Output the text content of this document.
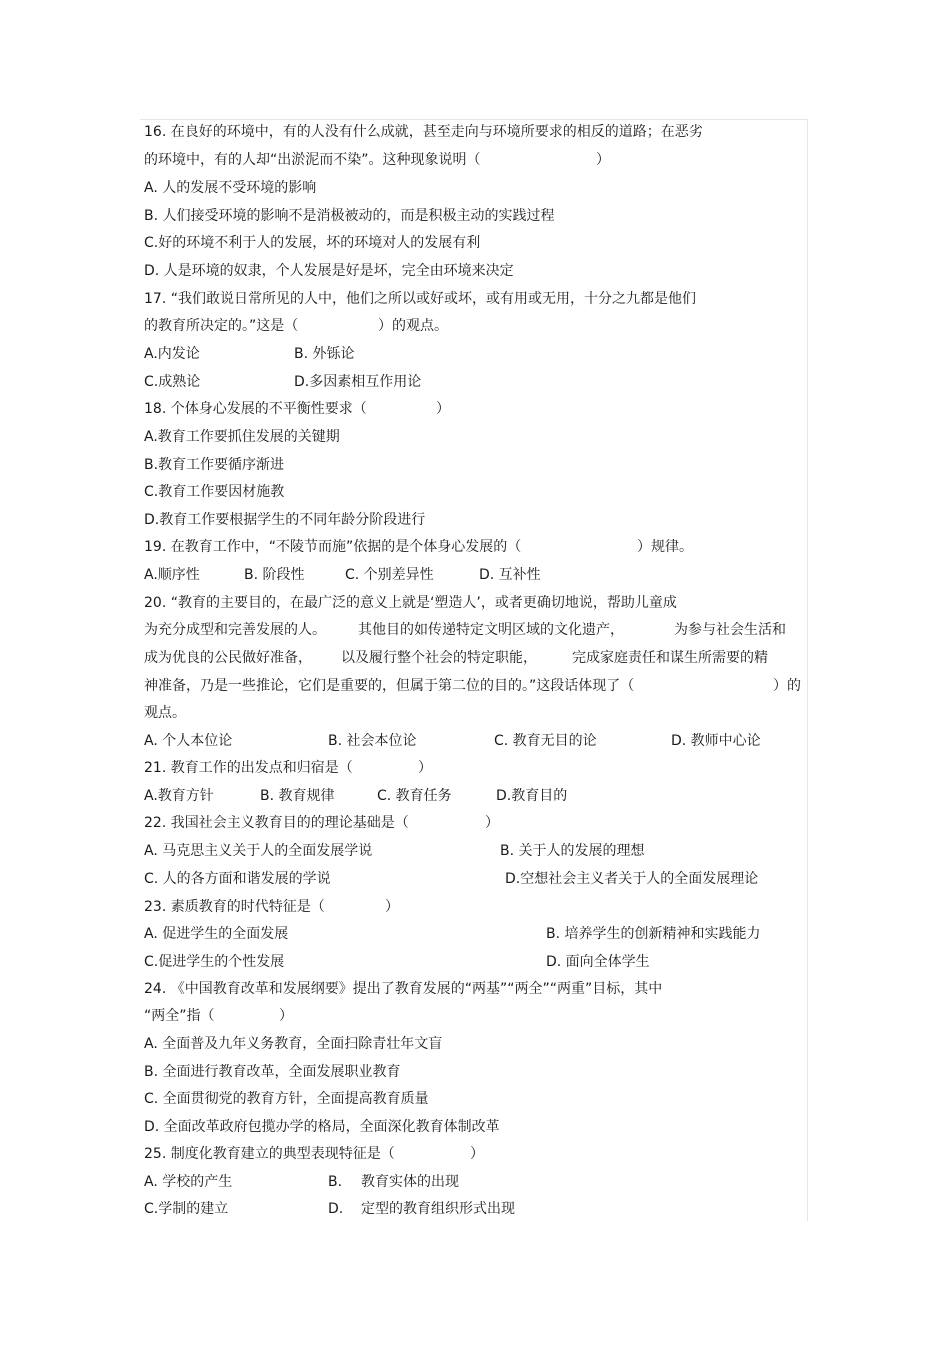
16. 在良好的环境中，有的人没有什么成就，甚至走向与环境所要求的相反的道路；在恶劣
的环境中，有的人却“出淤泥而不染”。这种现象说明（	）
A. 人的发展不受环境的影响
B. 人们接受环境的影响不是消极被动的，而是积极主动的实践过程
C.好的环境不利于人的发展，坏的环境对人的发展有利
D. 人是环境的奴隶，个人发展是好是坏，完全由环境来决定
17. “我们敢说日常所见的人中，他们之所以或好或坏，或有用或无用，十分之九都是他们
的教育所决定的。”这是（	）的观点。
A.内发论	B. 外铄论
C.成熟论	D.多因素相互作用论
18. 个体身心发展的不平衡性要求（	）
A.教育工作要抓住发展的关键期
B.教育工作要循序渐进
C.教育工作要因材施教
D.教育工作要根据学生的不同年龄分阶段进行
19. 在教育工作中，“不陵节而施”依据的是个体身心发展的（	）规律。
A.顺序性	B. 阶段性	C. 个别差异性	D. 互补性
20. “教育的主要目的，在最广泛的意义上就是‘塑造人’，或者更确切地说，帮助儿童成
为充分成型和完善发展的人。 其他目的如传递特定文明区域的文化遗产，	为参与社会生活和
成为优良的公民做好准备， 以及履行整个社会的特定职能，	完成家庭责任和谋生所需要的精
神准备，乃是一些推论，它们是重要的，但属于第二位的目的。”这段话体现了（	）的
观点。
A. 个人本位论	B. 社会本位论	C. 教育无目的论	D. 教师中心论
21. 教育工作的出发点和归宿是（	）
A.教育方针	B. 教育规律	C. 教育任务	D.教育目的
22. 我国社会主义教育目的的理论基础是（	）
A. 马克思主义关于人的全面发展学说	B. 关于人的发展的理想
C. 人的各方面和谐发展的学说	D.空想社会主义者关于人的全面发展理论
23. 素质教育的时代特征是（	）
A. 促进学生的全面发展	B. 培养学生的创新精神和实践能力
C.促进学生的个性发展	D. 面向全体学生
24. 《中国教育改革和发展纲要》提出了教育发展的“两基”“两全”“两重”目标，其中
“两全”指（	）
A. 全面普及九年义务教育，全面扫除青壮年文盲
B. 全面进行教育改革，全面发展职业教育
C. 全面贯彻党的教育方针，全面提高教育质量
D. 全面改革政府包揽办学的格局，全面深化教育体制改革
25. 制度化教育建立的典型表现特征是（	）
A. 学校的产生	B. 教育实体的出现
C.学制的建立	D. 定型的教育组织形式出现
